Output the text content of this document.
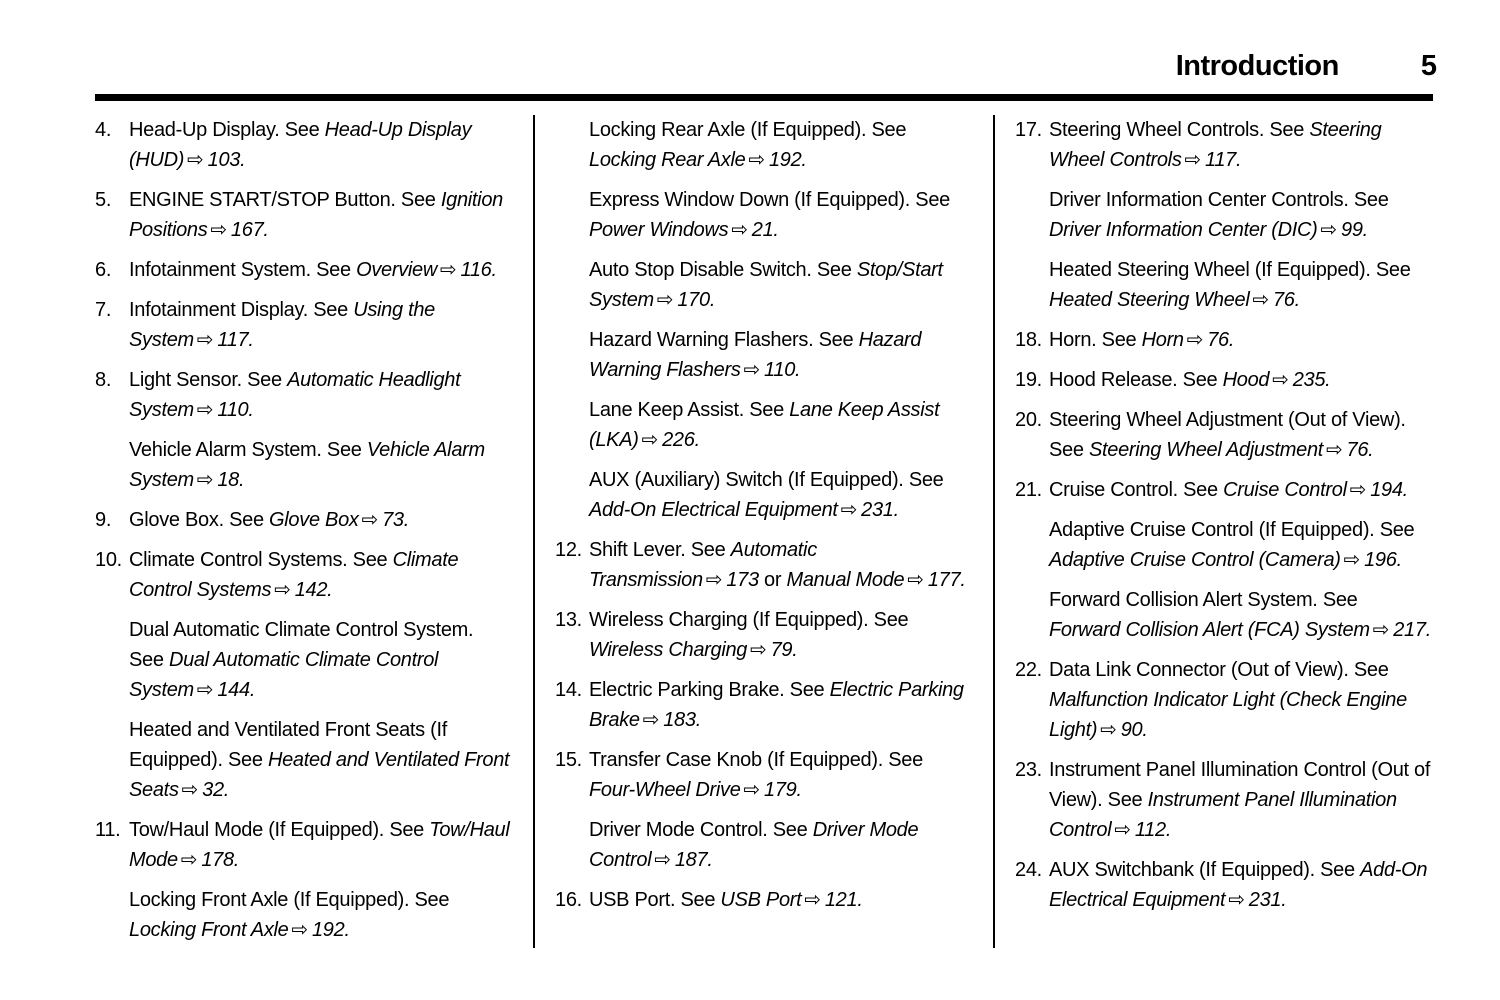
Introduction	5
4. Head-Up Display. See Head-Up Display (HUD) ⇨ 103.

5. ENGINE START/STOP Button. See Ignition Positions ⇨ 167.

6. Infotainment System. See Overview ⇨ 116.

7. Infotainment Display. See Using the System ⇨ 117.

8. Light Sensor. See Automatic Headlight System ⇨ 110.

Vehicle Alarm System. See Vehicle Alarm System ⇨ 18.

9. Glove Box. See Glove Box ⇨ 73.

10. Climate Control Systems. See Climate Control Systems ⇨ 142.

Dual Automatic Climate Control System. See Dual Automatic Climate Control System ⇨ 144.

Heated and Ventilated Front Seats (If Equipped). See Heated and Ventilated Front Seats ⇨ 32.

11. Tow/Haul Mode (If Equipped). See Tow/Haul Mode ⇨ 178.

Locking Front Axle (If Equipped). See Locking Front Axle ⇨ 192.

Locking Rear Axle (If Equipped). See Locking Rear Axle ⇨ 192.

Express Window Down (If Equipped). See Power Windows ⇨ 21.

Auto Stop Disable Switch. See Stop/Start System ⇨ 170.

Hazard Warning Flashers. See Hazard Warning Flashers ⇨ 110.

Lane Keep Assist. See Lane Keep Assist (LKA) ⇨ 226.

AUX (Auxiliary) Switch (If Equipped). See Add-On Electrical Equipment ⇨ 231.

12. Shift Lever. See Automatic Transmission ⇨ 173 or Manual Mode ⇨ 177.

13. Wireless Charging (If Equipped). See Wireless Charging ⇨ 79.

14. Electric Parking Brake. See Electric Parking Brake ⇨ 183.

15. Transfer Case Knob (If Equipped). See Four-Wheel Drive ⇨ 179.

Driver Mode Control. See Driver Mode Control ⇨ 187.

16. USB Port. See USB Port ⇨ 121.

17. Steering Wheel Controls. See Steering Wheel Controls ⇨ 117.

Driver Information Center Controls. See Driver Information Center (DIC) ⇨ 99.

Heated Steering Wheel (If Equipped). See Heated Steering Wheel ⇨ 76.

18. Horn. See Horn ⇨ 76.

19. Hood Release. See Hood ⇨ 235.

20. Steering Wheel Adjustment (Out of View). See Steering Wheel Adjustment ⇨ 76.

21. Cruise Control. See Cruise Control ⇨ 194.

Adaptive Cruise Control (If Equipped). See Adaptive Cruise Control (Camera) ⇨ 196.

Forward Collision Alert System. See Forward Collision Alert (FCA) System ⇨ 217.

22. Data Link Connector (Out of View). See Malfunction Indicator Light (Check Engine Light) ⇨ 90.

23. Instrument Panel Illumination Control (Out of View). See Instrument Panel Illumination Control ⇨ 112.

24. AUX Switchbank (If Equipped). See Add-On Electrical Equipment ⇨ 231.
